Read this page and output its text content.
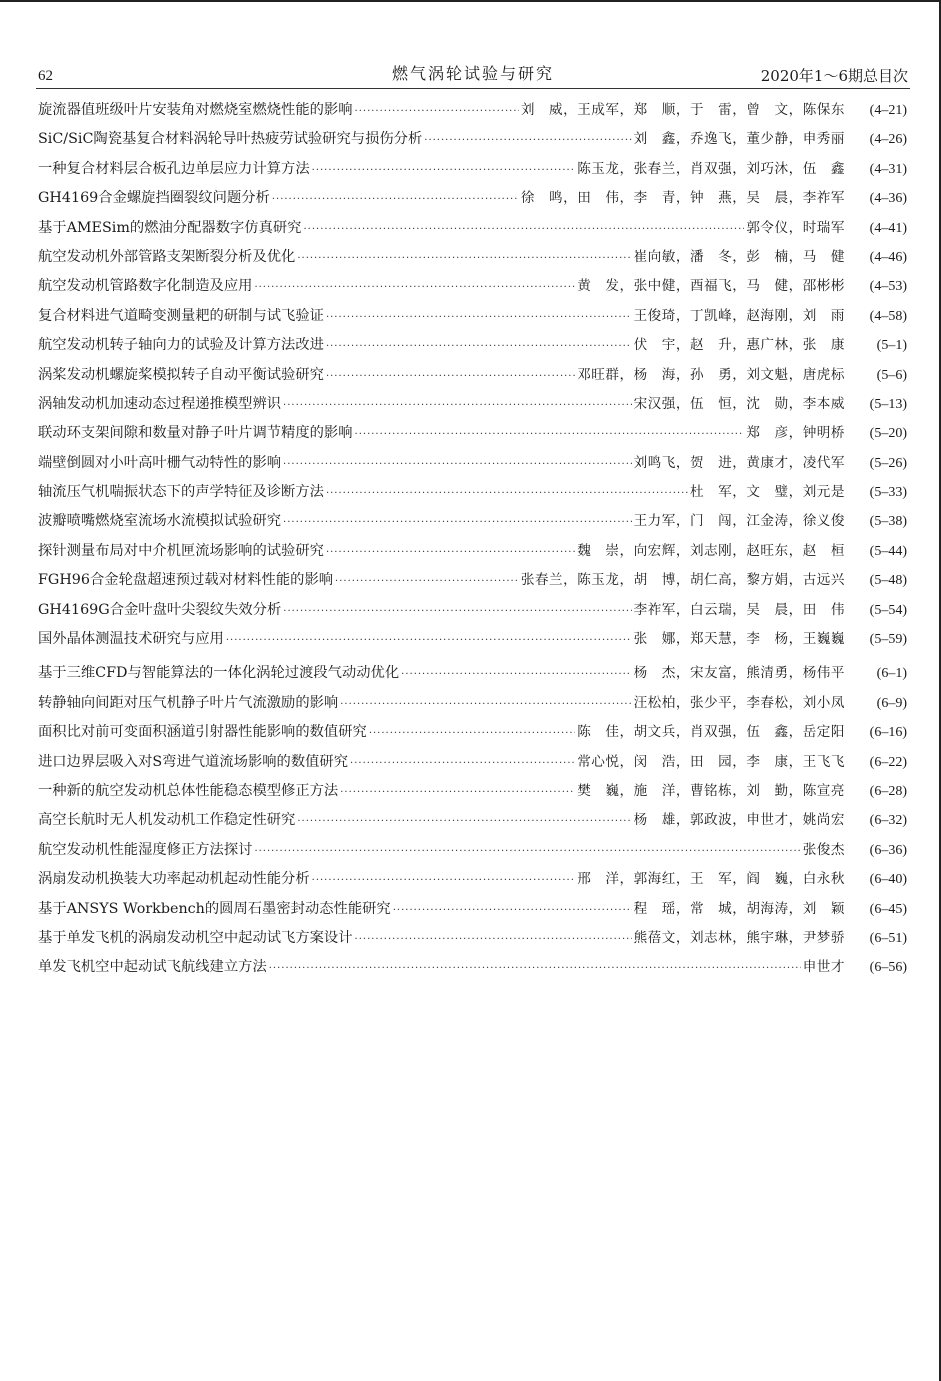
62	燃气涡轮试验与研究	2020年1～6期总目次
旋流器值班级叶片安装角对燃烧室燃烧性能的影响 ·····	刘　威，王成军，郑　顺，于　雷，曾　文，陈保东	(4–21)
SiC/SiC陶瓷基复合材料涡轮导叶热疲劳试验研究与损伤分析 ·····	刘　鑫，乔逸飞，董少静，申秀丽	(4–26)
一种复合材料层合板孔边单层应力计算方法 ·····	陈玉龙，张春兰，肖双强，刘巧沐，伍　鑫	(4–31)
GH4169合金螺旋挡圈裂纹问题分析 ·····	徐　鸣，田　伟，李　青，钟　燕，吴　晨，李祚军	(4–36)
基于AMESim的燃油分配器数字仿真研究 ·····	郭令仪，时瑞军	(4–41)
航空发动机外部管路支架断裂分析及优化 ·····	崔向敏，潘　冬，彭　楠，马　健	(4–46)
航空发动机管路数字化制造及应用 ·····	黄　发，张中健，酉福飞，马　健，邵彬彬	(4–53)
复合材料进气道畸变测量耙的研制与试飞验证 ·····	王俊琦，丁凯峰，赵海刚，刘　雨	(4–58)
航空发动机转子轴向力的试验及计算方法改进 ·····	伏　宇，赵　升，惠广林，张　康	(5–1)
涡桨发动机螺旋桨模拟转子自动平衡试验研究 ·····	邓旺群，杨　海，孙　勇，刘文魁，唐虎标	(5–6)
涡轴发动机加速动态过程递推模型辨识 ·····	宋汉强，伍　恒，沈　勋，李本威	(5–13)
联动环支架间隙和数量对静子叶片调节精度的影响 ·····	郑　彦，钟明桥	(5–20)
端壁倒圆对小叶高叶栅气动特性的影响 ·····	刘鸣飞，贺　进，黄康才，凌代军	(5–26)
轴流压气机喘振状态下的声学特征及诊断方法 ·····	杜　军，文　璧，刘元是	(5–33)
波瓣喷嘴燃烧室流场水流模拟试验研究 ·····	王力军，门　闯，江金涛，徐义俊	(5–38)
探针测量布局对中介机匣流场影响的试验研究 ·····	魏　崇，向宏辉，刘志刚，赵旺东，赵　桓	(5–44)
FGH96合金轮盘超速预过载对材料性能的影响 ·····	张春兰，陈玉龙，胡　博，胡仁高，黎方娟，古远兴	(5–48)
GH4169G合金叶盘叶尖裂纹失效分析 ·····	李祚军，白云瑞，吴　晨，田　伟	(5–54)
国外晶体测温技术研究与应用 ·····	张　娜，郑天慧，李　杨，王巍巍	(5–59)
基于三维CFD与智能算法的一体化涡轮过渡段气动动优化 ·····	杨　杰，宋友富，熊清勇，杨伟平	(6–1)
转静轴向间距对压气机静子叶片气流激励的影响 ·····	汪松柏，张少平，李春松，刘小凤	(6–9)
面积比对前可变面积涵道引射器性能影响的数值研究 ·····	陈　佳，胡文兵，肖双强，伍　鑫，岳定阳	(6–16)
进口边界层吸入对S弯进气道流场影响的数值研究 ·····	常心悦，闵　浩，田　园，李　康，王飞飞	(6–22)
一种新的航空发动机总体性能稳态模型修正方法 ·····	樊　巍，施　洋，曹铭栋，刘　勤，陈宣亮	(6–28)
高空长航时无人机发动机工作稳定性研究 ·····	杨　雄，郭政波，申世才，姚尚宏	(6–32)
航空发动机性能湿度修正方法探讨 ·····	张俊杰	(6–36)
涡扇发动机换装大功率起动机起动性能分析 ·····	邢　洋，郭海红，王　军，阎　巍，白永秋	(6–40)
基于ANSYS Workbench的圆周石墨密封动态性能研究 ·····	程　瑶，常　城，胡海涛，刘　颖	(6–45)
基于单发飞机的涡扇发动机空中起动试飞方案设计 ·····	熊蓓文，刘志林，熊宇琳，尹梦骄	(6–51)
单发飞机空中起动试飞航线建立方法 ·····	申世才	(6–56)
